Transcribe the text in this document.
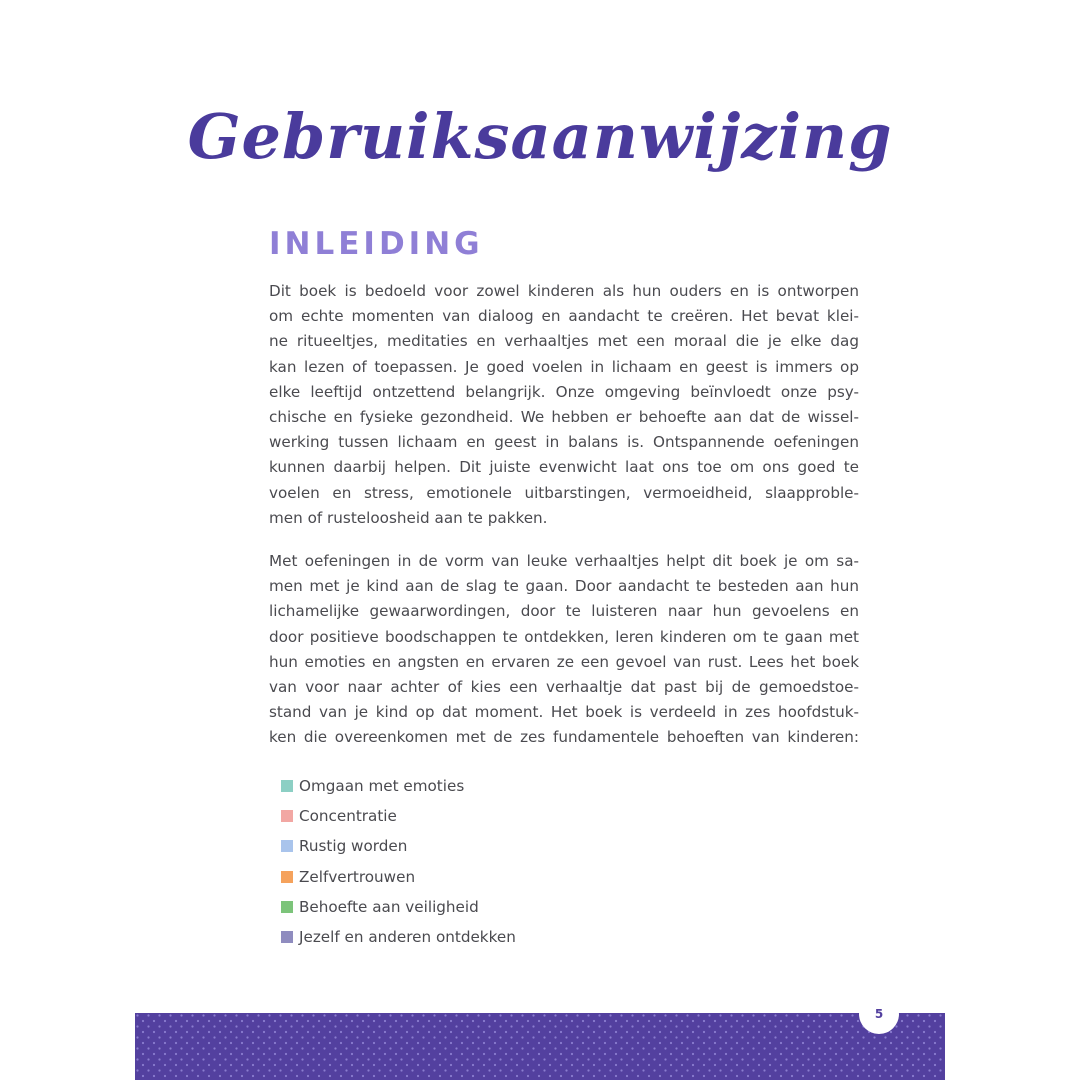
Gebruiksaanwijzing
INLEIDING

Dit boek is bedoeld voor zowel kinderen als hun ouders en is ontworpen
om echte momenten van dialoog en aandacht te creëren. Het bevat klei-
ne ritueeltjes, meditaties en verhaaltjes met een moraal die je elke dag
kan lezen of toepassen. Je goed voelen in lichaam en geest is immers op
elke leeftijd ontzettend belangrijk. Onze omgeving beïnvloedt onze psy-
chische en fysieke gezondheid. We hebben er behoefte aan dat de wissel-
werking tussen lichaam en geest in balans is. Ontspannende oefeningen
kunnen daarbij helpen. Dit juiste evenwicht laat ons toe om ons goed te
voelen en stress, emotionele uitbarstingen, vermoeidheid, slaapproble-
men of rusteloosheid aan te pakken.

Met oefeningen in de vorm van leuke verhaaltjes helpt dit boek je om sa-
men met je kind aan de slag te gaan. Door aandacht te besteden aan hun
lichamelijke gewaarwordingen, door te luisteren naar hun gevoelens en
door positieve boodschappen te ontdekken, leren kinderen om te gaan met
hun emoties en angsten en ervaren ze een gevoel van rust. Lees het boek
van voor naar achter of kies een verhaaltje dat past bij de gemoedstoe-
stand van je kind op dat moment. Het boek is verdeeld in zes hoofdstuk-
ken die overeenkomen met de zes fundamentele behoeften van kinderen:

Omgaan met emoties
Concentratie
Rustig worden
Zelfvertrouwen
Behoefte aan veiligheid
Jezelf en anderen ontdekken
5
